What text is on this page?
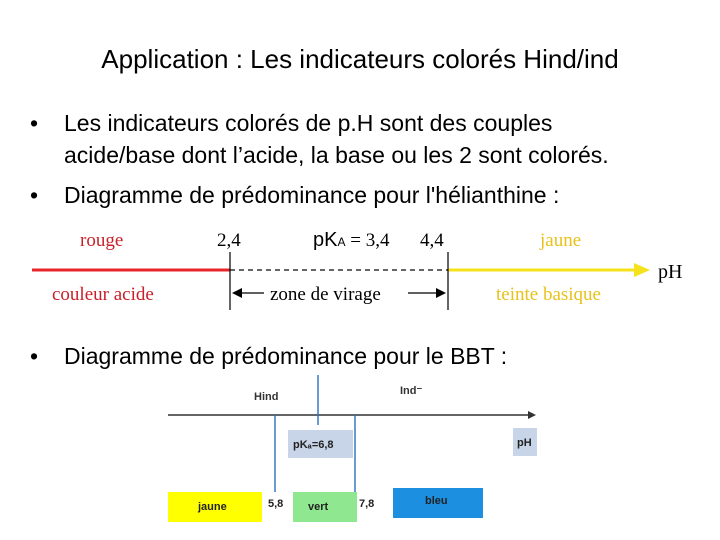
Application : Les indicateurs colorés Hind/ind
• Les indicateurs colorés de p.H sont des couples
acide/base dont l’acide, la base ou les 2 sont colorés.
• Diagramme de prédominance pour l'hélianthine :
• Diagramme de prédominance pour le BBT :
rouge	2,4	pKA = 3,4 4,4	jaune
pH
couleur acide	zone de virage	teinte basique
Hind	Ind⁻
pKₐ=6,8	pH
jaune	5,8 vert	7,8	bleu
